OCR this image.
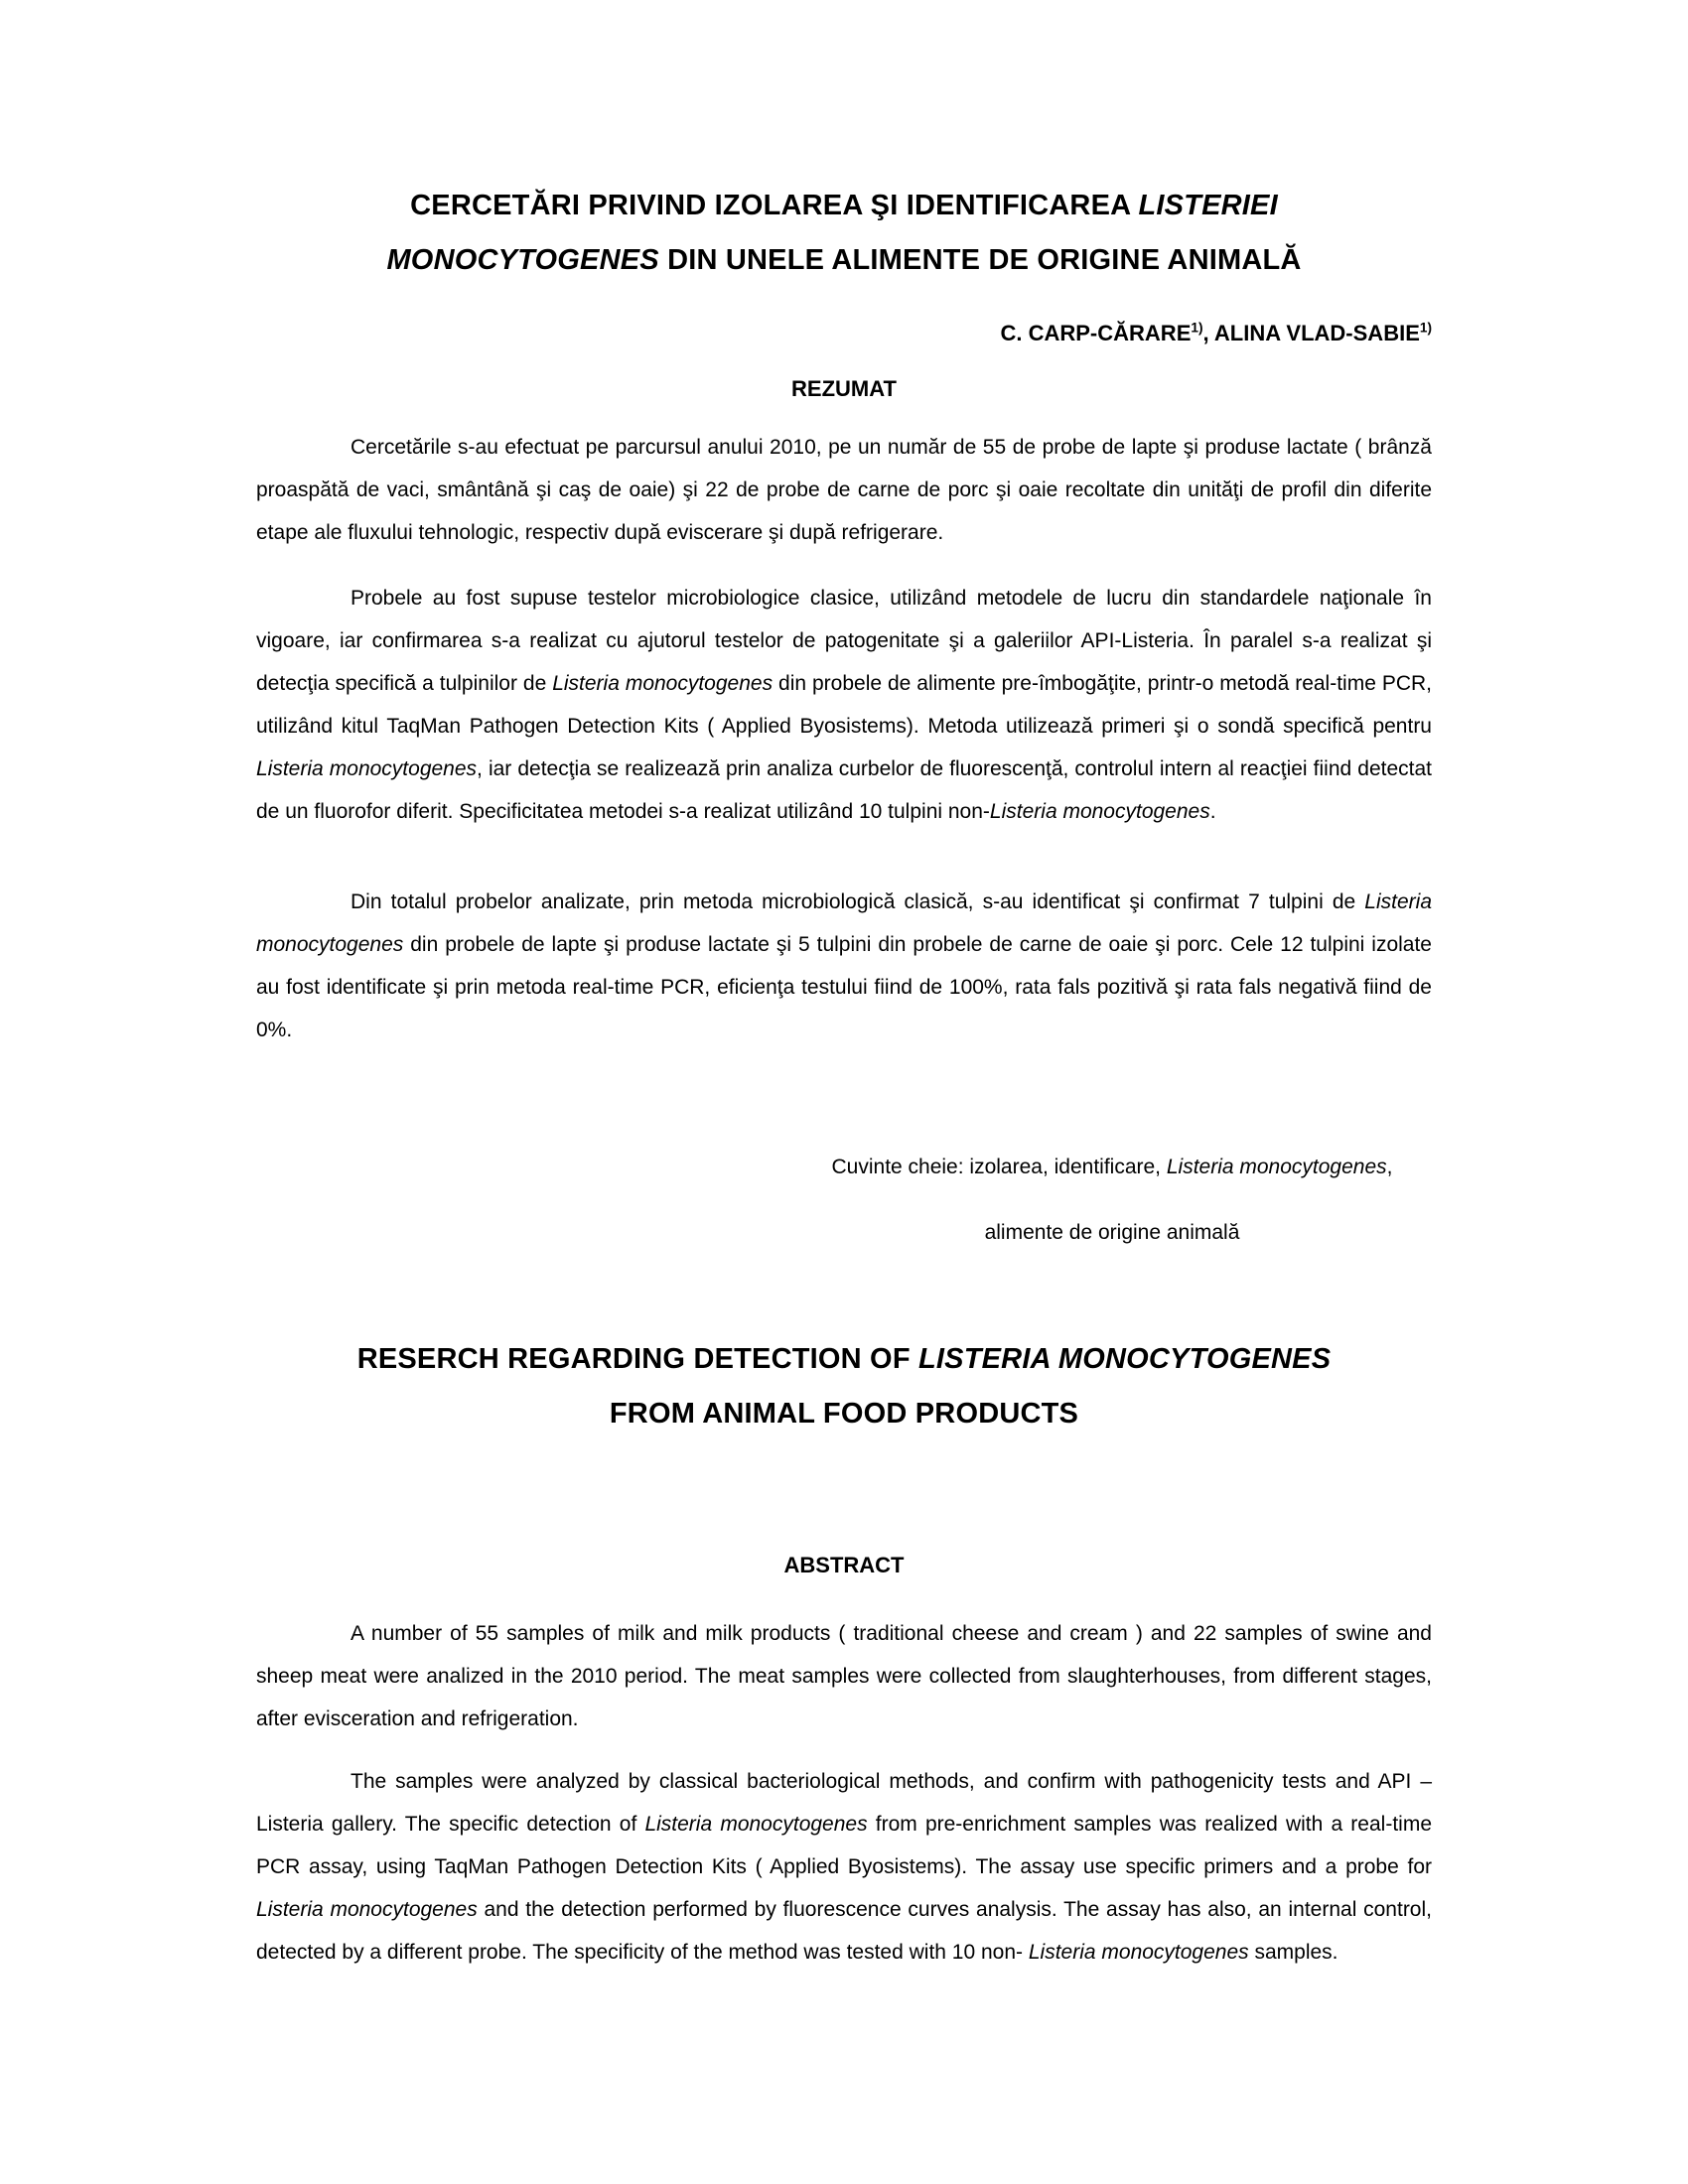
CERCETĂRI PRIVIND IZOLAREA ŞI IDENTIFICAREA LISTERIEI
MONOCYTOGENES DIN UNELE ALIMENTE DE ORIGINE ANIMALĂ
C. CARP-CĂRARE$^{1)}$, ALINA VLAD-SABIE$^{1)}$
REZUMAT

Cercetările s-au efectuat pe parcursul anului 2010, pe un număr de 55 de probe de lapte şi produse lactate ( brânză proaspătă de vaci, smântână şi caş de oaie) şi 22 de probe de carne de porc şi oaie recoltate din unităţi de profil din diferite etape ale fluxului tehnologic, respectiv după eviscerare şi după refrigerare.

Probele au fost supuse testelor microbiologice clasice, utilizând metodele de lucru din standardele naţionale în vigoare, iar confirmarea s-a realizat cu ajutorul testelor de patogenitate şi a galeriilor API-Listeria. În paralel s-a realizat şi detecţia specifică a tulpinilor de Listeria monocytogenes din probele de alimente pre-îmbogăţite, printr-o metodă real-time PCR, utilizând kitul TaqMan Pathogen Detection Kits ( Applied Byosistems). Metoda utilizează primeri şi o sondă specifică pentru Listeria monocytogenes, iar detecţia se realizează prin analiza curbelor de fluorescenţă, controlul intern al reacţiei fiind detectat de un fluorofor diferit. Specificitatea metodei s-a realizat utilizând 10 tulpini non-Listeria monocytogenes.

Din totalul probelor analizate, prin metoda microbiologică clasică, s-au identificat şi confirmat 7 tulpini de Listeria monocytogenes din probele de lapte şi produse lactate şi 5 tulpini din probele de carne de oaie şi porc. Cele 12 tulpini izolate au fost identificate şi prin metoda real-time PCR, eficienţa testului fiind de 100%, rata fals pozitivă şi rata fals negativă fiind de 0%.

Cuvinte cheie: izolarea, identificare, Listeria monocytogenes,
alimente de origine animală
RESERCH REGARDING DETECTION OF LISTERIA MONOCYTOGENES
FROM ANIMAL FOOD PRODUCTS
ABSTRACT

A number of 55 samples of milk and milk products ( traditional cheese and cream ) and 22 samples of swine and sheep meat were analized in the 2010 period. The meat samples were collected from slaughterhouses, from different stages, after evisceration and refrigeration.

The samples were analyzed by classical bacteriological methods, and confirm with pathogenicity tests and API –Listeria gallery. The specific detection of Listeria monocytogenes from pre-enrichment samples was realized with a real-time PCR assay, using TaqMan Pathogen Detection Kits ( Applied Byosistems). The assay use specific primers and a probe for Listeria monocytogenes and the detection performed by fluorescence curves analysis. The assay has also, an internal control, detected by a different probe. The specificity of the method was tested with 10 non- Listeria monocytogenes samples.
